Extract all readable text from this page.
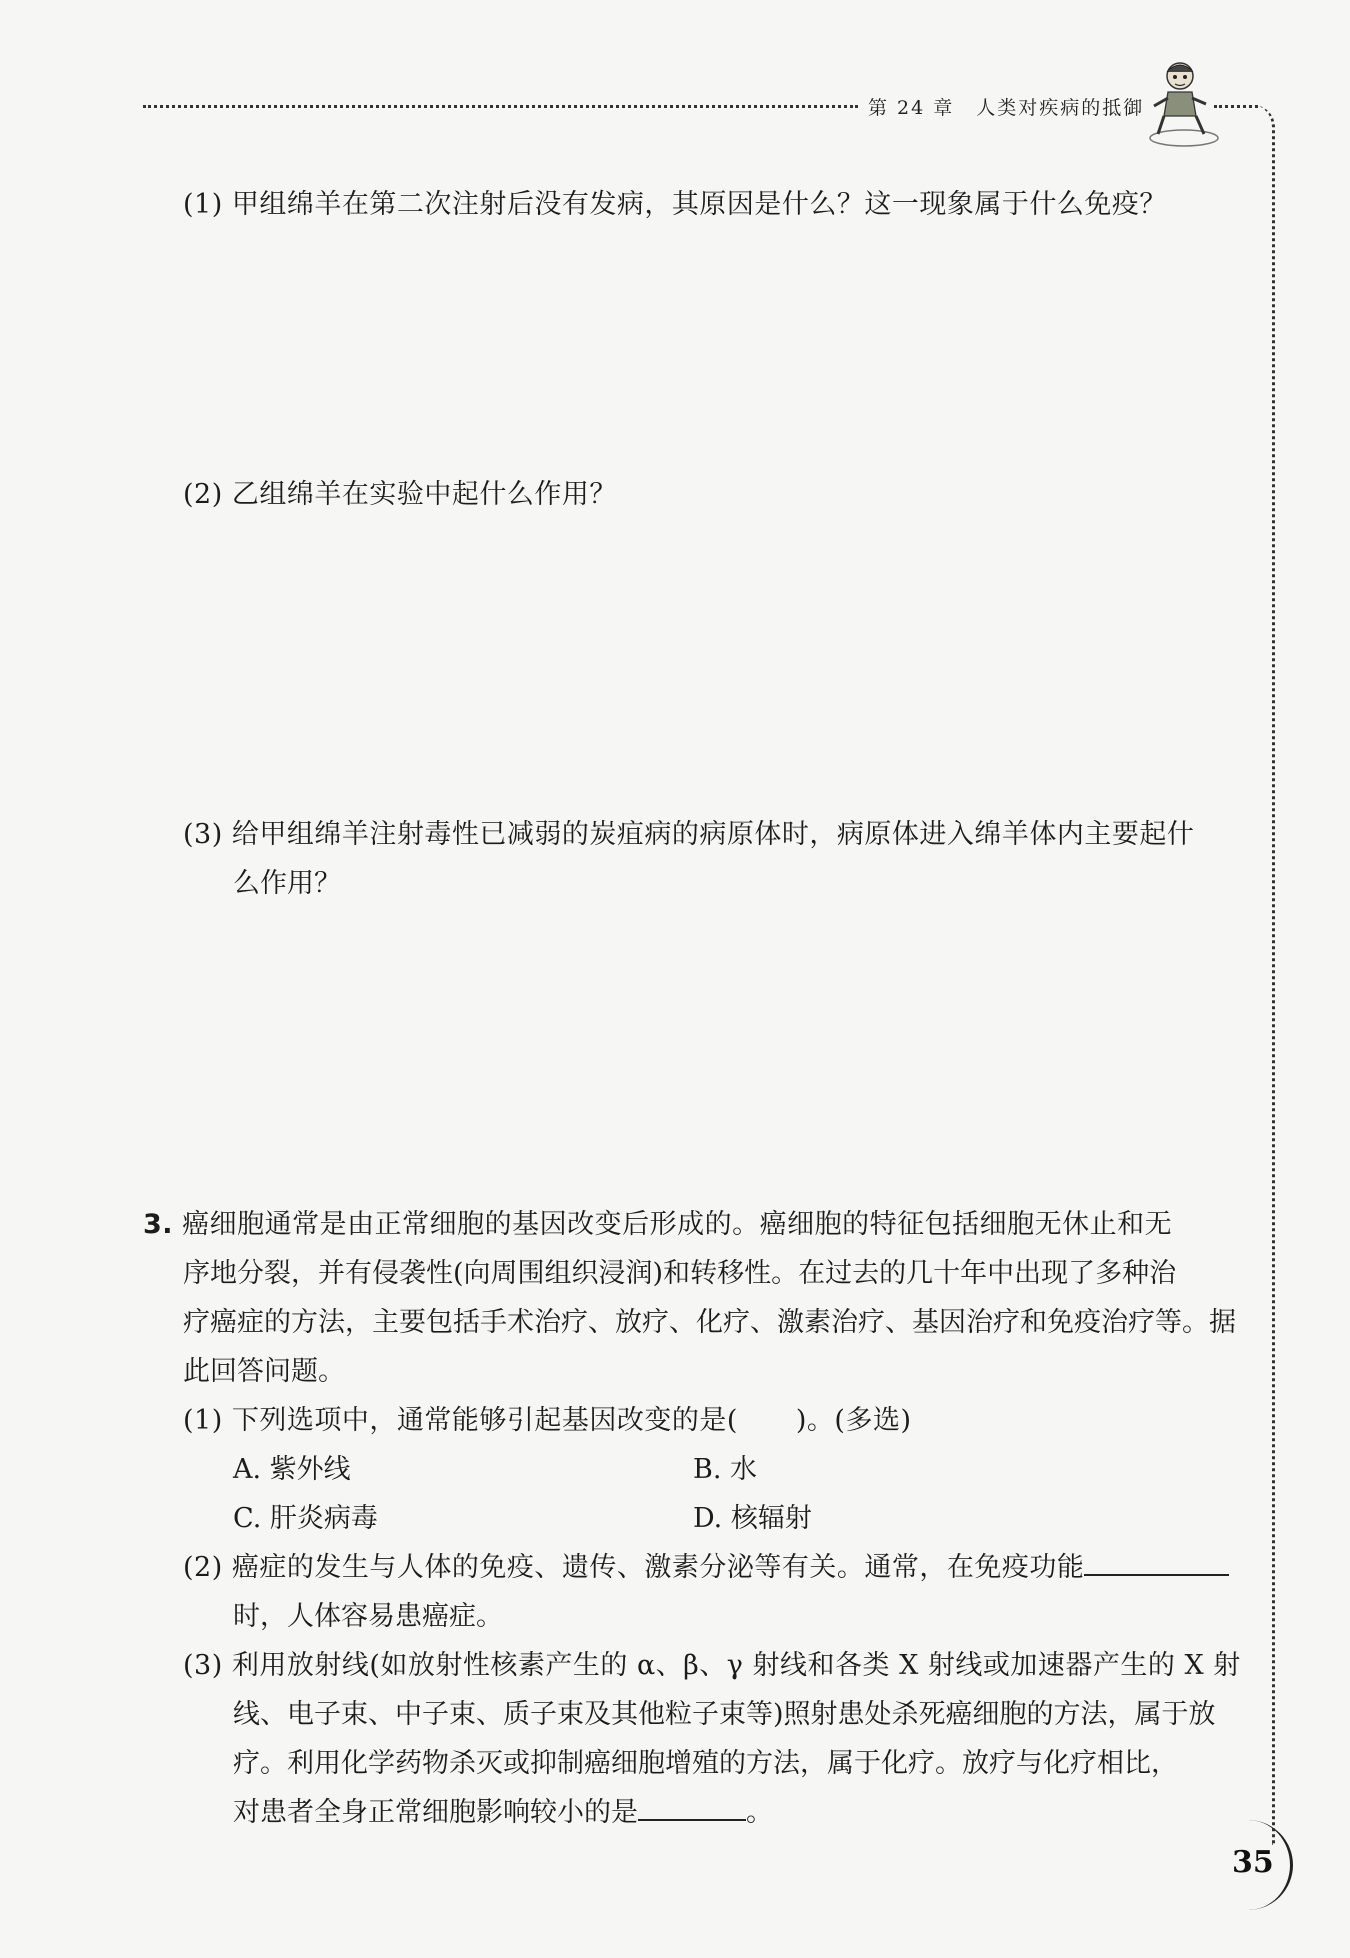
第 24 章 人类对疾病的抵御
35
(1) 甲组绵羊在第二次注射后没有发病，其原因是什么？这一现象属于什么免疫？
(2) 乙组绵羊在实验中起什么作用？
(3) 给甲组绵羊注射毒性已减弱的炭疽病的病原体时，病原体进入绵羊体内主要起什
么作用？
3. 癌细胞通常是由正常细胞的基因改变后形成的。癌细胞的特征包括细胞无休止和无
序地分裂，并有侵袭性(向周围组织浸润)和转移性。在过去的几十年中出现了多种治
疗癌症的方法，主要包括手术治疗、放疗、化疗、激素治疗、基因治疗和免疫治疗等。据
此回答问题。
(1) 下列选项中，通常能够引起基因改变的是( )。(多选)
A. 紫外线	B. 水
C. 肝炎病毒	D. 核辐射
(2) 癌症的发生与人体的免疫、遗传、激素分泌等有关。通常，在免疫功能
时，人体容易患癌症。
(3) 利用放射线(如放射性核素产生的 α、β、γ 射线和各类 X 射线或加速器产生的 X 射
线、电子束、中子束、质子束及其他粒子束等)照射患处杀死癌细胞的方法，属于放
疗。利用化学药物杀灭或抑制癌细胞增殖的方法，属于化疗。放疗与化疗相比，
对患者全身正常细胞影响较小的是	。
